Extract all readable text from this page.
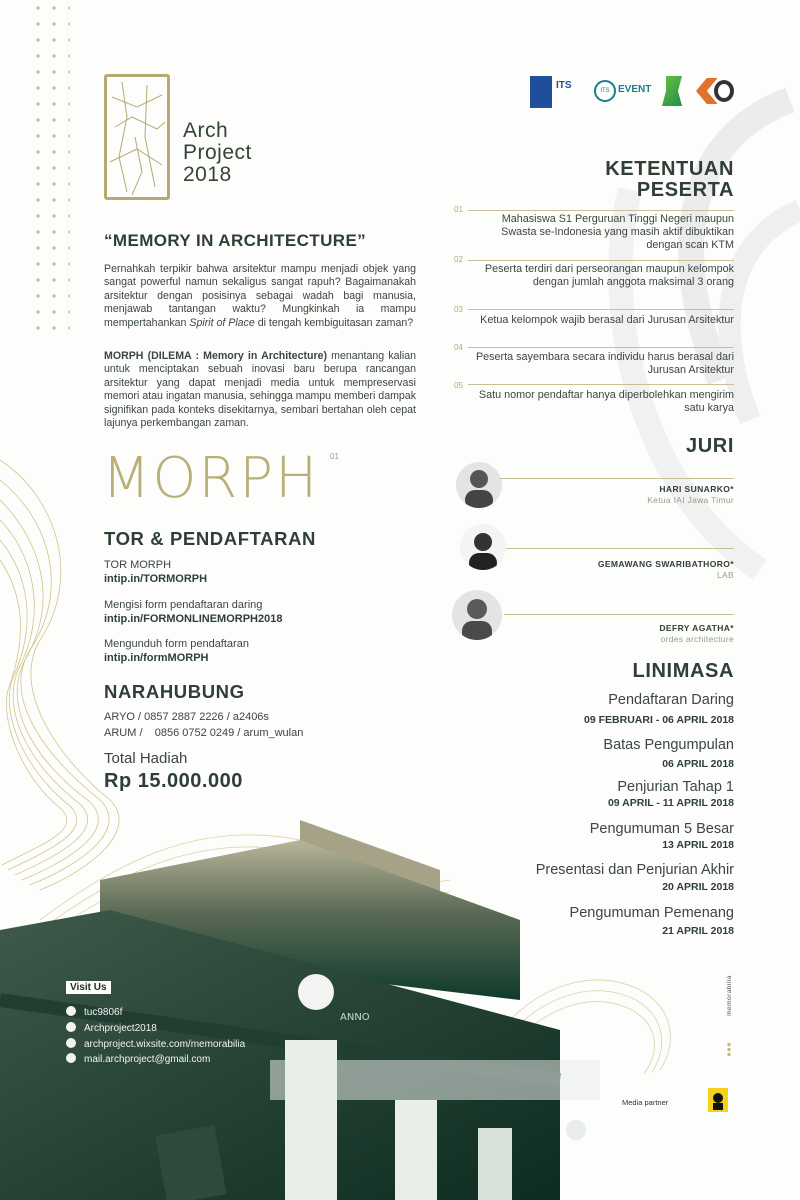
ANNO
Arch
Project
2018
ITS	ITS EVENT
“MEMORY IN ARCHITECTURE”

Pernahkah terpikir bahwa arsitektur mampu menjadi objek yang sangat powerful namun sekaligus sangat rapuh? Bagaimanakah arsitektur dengan posisinya sebagai wadah bagi manusia, menjawab tantangan waktu? Mungkinkah ia mampu mempertahankan Spirit of Place di tengah kembiguitasan zaman?

MORPH (DILEMA : Memory in Architecture) menantang kalian untuk menciptakan sebuah inovasi baru berupa rancangan arsitektur yang dapat menjadi media untuk mempreservasi memori atau ingatan manusia, sehingga mampu memberi dampak signifikan pada konteks disekitarnya, sembari bertahan oleh cepat lajunya perkembangan zaman.

MORPH 01
TOR & PENDAFTARAN
TOR MORPH
intip.in/TORMORPH
Mengisi form pendaftaran daring
intip.in/FORMONLINEMORPH2018
Mengunduh form pendaftaran
intip.in/formMORPH
NARAHUBUNG
ARYO / 0857 2887 2226 / a2406s
ARUM /    0856 0752 0249 / arum_wulan
Total Hadiah
Rp 15.000.000
KETENTUAN
PESERTA
01
Mahasiswa S1 Perguruan Tinggi Negeri maupun Swasta se-Indonesia yang masih aktif dibuktikan dengan scan KTM
02
Peserta terdiri dari perseorangan maupun kelompok dengan jumlah anggota maksimal 3 orang
03
Ketua kelompok wajib berasal dari Jurusan Arsitektur
04
Peserta sayembara secara individu harus berasal dari Jurusan Arsitektur
05
Satu nomor pendaftar hanya diperbolehkan mengirim satu karya
JURI
HARI SUNARKO*
Ketua IAI Jawa Timur
GEMAWANG SWARIBATHORO*
LAB
DEFRY AGATHA*
ordes architecture
LINIMASA
Pendaftaran Daring
09 FEBRUARI - 06 APRIL 2018
Batas Pengumpulan
06 APRIL 2018
Penjurian Tahap 1
09 APRIL - 11 APRIL 2018
Pengumuman 5 Besar
13 APRIL 2018
Presentasi dan Penjurian Akhir
20 APRIL 2018
Pengumuman Pemenang
21 APRIL 2018
Visit Us
tuc9806f
Archproject2018
archproject.wixsite.com/memorabilia
mail.archproject@gmail.com
memorabilia
Media partner
